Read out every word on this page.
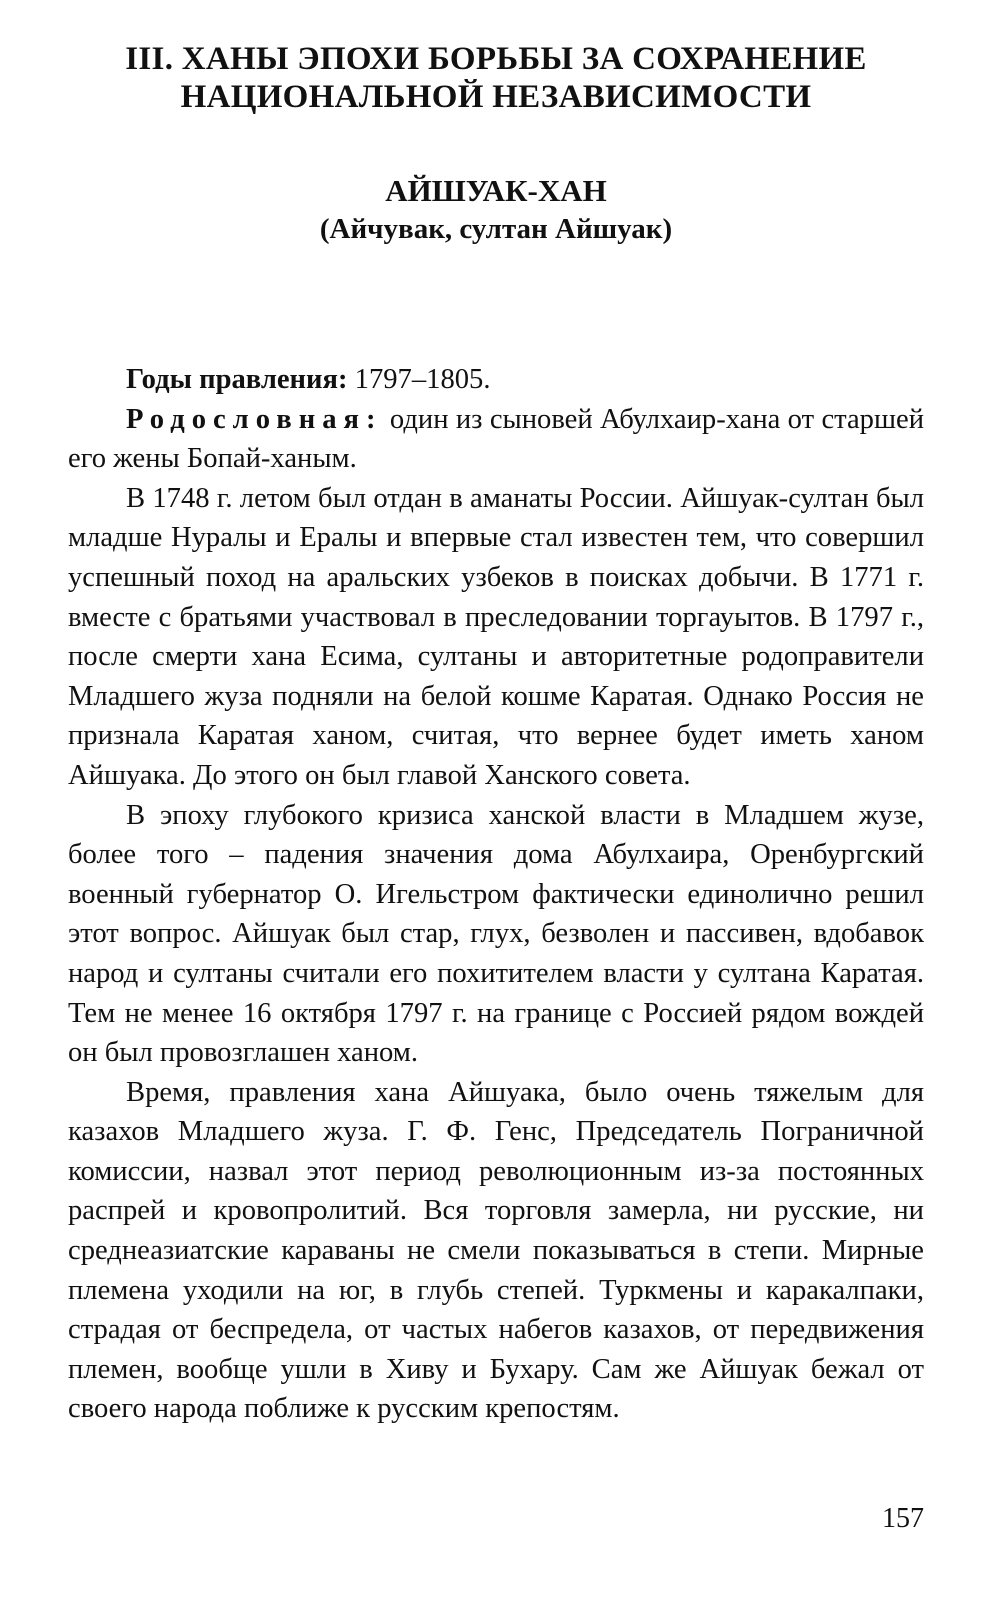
III. ХАНЫ ЭПОХИ БОРЬБЫ ЗА СОХРАНЕНИЕ
НАЦИОНАЛЬНОЙ НЕЗАВИСИМОСТИ
АЙШУАК-ХАН
(Айчувак, султан Айшуак)

Годы правления: 1797–1805.

Родословная: один из сыновей Абулхаир-хана от старшей его жены Бопай-ханым.

В 1748 г. летом был отдан в аманаты России. Айшуак-султан был младше Нуралы и Ералы и впервые стал известен тем, что совершил успешный поход на аральских узбеков в поисках добычи. В 1771 г. вместе с братьями участвовал в преследовании торгауытов. В 1797 г., после смерти хана Есима, султаны и авторитетные родоправители Младшего жуза подняли на белой кошме Каратая. Однако Россия не признала Каратая ханом, считая, что вернее будет иметь ханом Айшуака. До этого он был главой Ханского совета.

В эпоху глубокого кризиса ханской власти в Младшем жузе, более того – падения значения дома Абулхаира, Оренбургский военный губернатор О. Игельстром фактически единолично решил этот вопрос. Айшуак был стар, глух, безволен и пассивен, вдобавок народ и султаны считали его похитителем власти у султана Каратая. Тем не менее 16 октября 1797 г. на границе с Россией рядом вождей он был провозглашен ханом.

Время, правления хана Айшуака, было очень тяжелым для казахов Младшего жуза. Г. Ф. Генс, Председатель Пограничной комиссии, назвал этот период революционным из-за постоянных распрей и кровопролитий. Вся торговля замерла, ни русские, ни среднеазиатские караваны не смели показываться в степи. Мирные племена уходили на юг, в глубь степей. Туркмены и каракалпаки, страдая от беспредела, от частых набегов казахов, от передвижения племен, вообще ушли в Хиву и Бухару. Сам же Айшуак бежал от своего народа поближе к русским крепостям.

157
